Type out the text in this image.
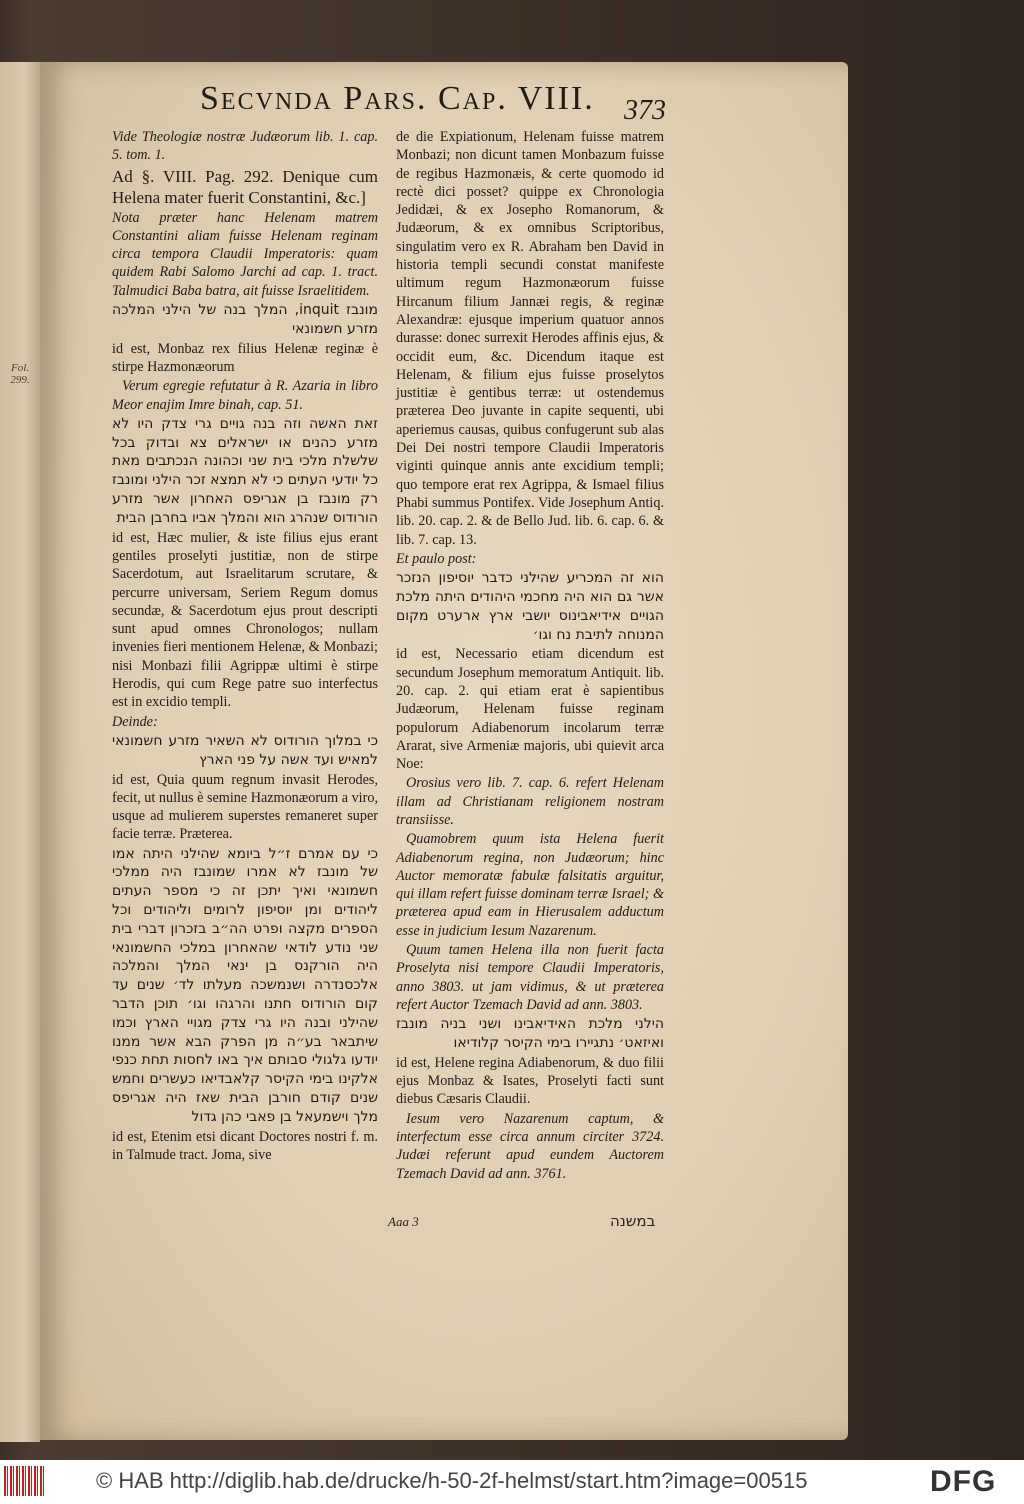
Fol. 299.
Secvnda Pars. Cap. VIII.	373

Vide Theologiæ nostræ Judæorum lib. 1. cap. 5. tom. 1.

Ad §. VIII. Pag. 292. Denique cum Helena mater fuerit Constantini, &c.]

Nota præter hanc Helenam matrem Constantini aliam fuisse Helenam reginam circa tempora Claudii Imperatoris: quam quidem Rabi Salomo Jarchi ad cap. 1. tract. Talmudici Baba batra, ait fuisse Israelitidem.

מונבז inquit, המלך בנה של הילני המלכה מזרע חשמונאי

id est, Monbaz rex filius Helenæ reginæ è stirpe Hazmonæorum

Verum egregie refutatur à R. Azaria in libro Meor enajim Imre binah, cap. 51.

זאת האשה וזה בנה גויים גרי צדק היו לא מזרע כהנים או ישראלים צא ובדוק בכל שלשלת מלכי בית שני וכהונה הנכתבים מאת כל יודעי העתים כי לא תמצא זכר הילני ומונבז רק מונבז בן אגריפס האחרון אשר מזרע הורודוס שנהרג הוא והמלך אביו בחרבן הבית

id est, Hæc mulier, & iste filius ejus erant gentiles proselyti justitiæ, non de stirpe Sacerdotum, aut Israelitarum scrutare, & percurre universam, Seriem Regum domus secundæ, & Sacerdotum ejus prout descripti sunt apud omnes Chronologos; nullam invenies fieri mentionem Helenæ, & Monbazi; nisi Monbazi filii Agrippæ ultimi è stirpe Herodis, qui cum Rege patre suo interfectus est in excidio templi.

Deinde:

כי במלוך הורודוס לא השאיר מזרע חשמונאי למאיש ועד אשה על פני הארץ

id est, Quia quum regnum invasit Herodes, fecit, ut nullus è semine Hazmonæorum a viro, usque ad mulierem superstes remaneret super facie terræ. Præterea.

כי עם אמרם ז״ל ביומא שהילני היתה אמו של מונבז לא אמרו שמונבז היה ממלכי חשמונאי ואיך יתכן זה כי מספר העתים ליהודים ומן יוסיפון לרומים וליהודים וכל הספרים מקצה ופרט הה״ב בזכרון דברי בית שני נודע לודאי שהאחרון במלכי החשמונאי היה הורקנס בן ינאי המלך והמלכה אלכסנדרה ושנמשכה מעלתו לד׳ שנים עד קום הורודוס חתנו והרגהו וגו׳ תוכן הדבר שהילני ובנה היו גרי צדק מגויי הארץ וכמו שיתבאר בע״ה מן הפרק הבא אשר ממנו יודעו גלגולי סבותם איך באו לחסות תחת כנפי אלקינו בימי הקיסר קלאבדיאו כעשרים וחמש שנים קודם חורבן הבית שאז היה אגריפס מלך וישמעאל בן פאבי כהן גדול

id est, Etenim etsi dicant Doctores nostri f. m. in Talmude tract. Joma, sive

de die Expiationum, Helenam fuisse matrem Monbazi; non dicunt tamen Monbazum fuisse de regibus Hazmonæis, & certe quomodo id rectè dici posset? quippe ex Chronologia Jedidæi, & ex Josepho Romanorum, & Judæorum, & ex omnibus Scriptoribus, singulatim vero ex R. Abraham ben David in historia templi secundi constat manifeste ultimum regum Hazmonæorum fuisse Hircanum filium Jannæi regis, & reginæ Alexandræ: ejusque imperium quatuor annos durasse: donec surrexit Herodes affinis ejus, & occidit eum, &c. Dicendum itaque est Helenam, & filium ejus fuisse proselytos justitiæ è gentibus terræ: ut ostendemus præterea Deo juvante in capite sequenti, ubi aperiemus causas, quibus confugerunt sub alas Dei Dei nostri tempore Claudii Imperatoris viginti quinque annis ante excidium templi; quo tempore erat rex Agrippa, & Ismael filius Phabi summus Pontifex. Vide Josephum Antiq. lib. 20. cap. 2. & de Bello Jud. lib. 6. cap. 6. & lib. 7. cap. 13.

Et paulo post:

הוא זה המכריע שהילני כדבר יוסיפון הנזכר אשר גם הוא היה מחכמי היהודים היתה מלכת הגויים אידיאבינוס יושבי ארץ ארערט מקום המנוחה לתיבת נח וגו׳

id est, Necessario etiam dicendum est secundum Josephum memoratum Antiquit. lib. 20. cap. 2. qui etiam erat è sapientibus Judæorum, Helenam fuisse reginam populorum Adiabenorum incolarum terræ Ararat, sive Armeniæ majoris, ubi quievit arca Noe:

Orosius vero lib. 7. cap. 6. refert Helenam illam ad Christianam religionem nostram transiisse.

Quamobrem quum ista Helena fuerit Adiabenorum regina, non Judæorum; hinc Auctor memoratæ fabulæ falsitatis arguitur, qui illam refert fuisse dominam terræ Israel; & præterea apud eam in Hierusalem adductum esse in judicium Iesum Nazarenum.

Quum tamen Helena illa non fuerit facta Proselyta nisi tempore Claudii Imperatoris, anno 3803. ut jam vidimus, & ut præterea refert Auctor Tzemach David ad ann. 3803.

הילני מלכת האידיאבינו ושני בניה מונבז ואיזאט׳ נתגיירו בימי הקיסר קלודיאו

id est, Helene regina Adiabenorum, & duo filii ejus Monbaz & Isates, Proselyti facti sunt diebus Cæsaris Claudii.

Iesum vero Nazarenum captum, & interfectum esse circa annum circiter 3724. Judæi referunt apud eundem Auctorem Tzemach David ad ann. 3761.

Aaa 3	במשנה
© HAB http://diglib.hab.de/drucke/h-50-2f-helmst/start.htm?image=00515	DFG
